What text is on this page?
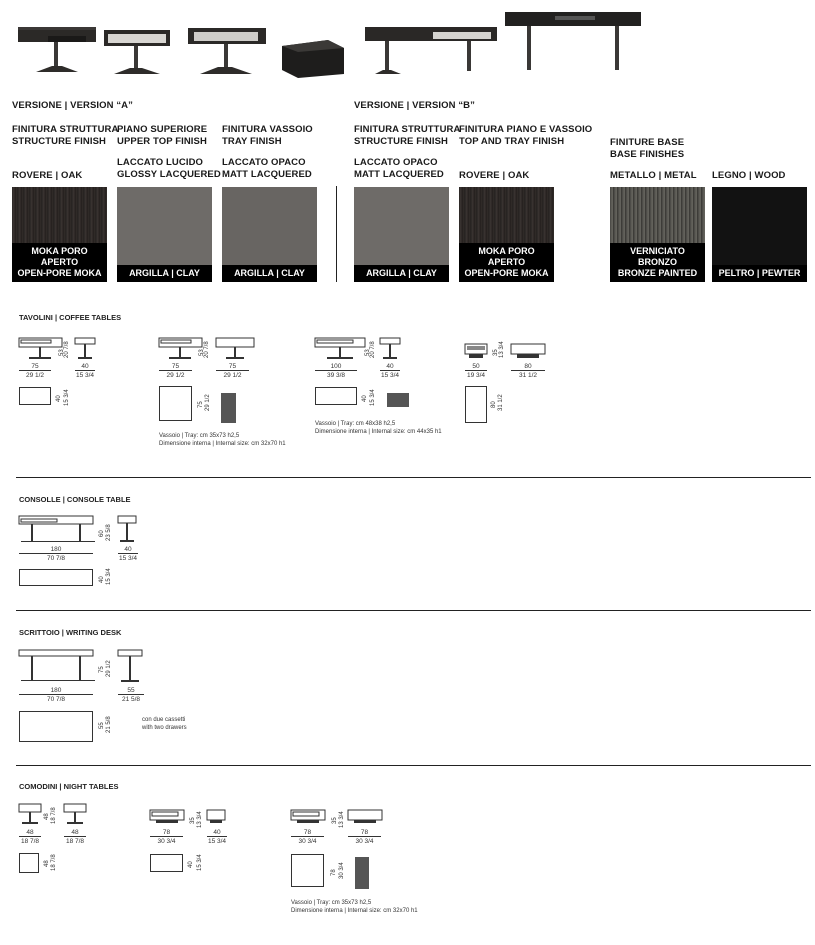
VERSIONE | VERSION “A”	VERSIONE | VERSION “B”
FINITURA STRUTTURA
STRUCTURE FINISH
PIANO SUPERIORE
UPPER TOP FINISH
FINITURA VASSOIO
TRAY FINISH
FINITURA STRUTTURA
STRUCTURE FINISH
FINITURA PIANO E VASSOIO
TOP AND TRAY FINISH	FINITURE BASE
BASE FINISHES
ROVERE | OAK
LACCATO LUCIDO
GLOSSY LACQUERED
LACCATO OPACO
MATT LACQUERED
LACCATO OPACO
MATT LACQUERED ROVERE | OAK	METALLO | METAL LEGNO | WOOD
MOKA PORO APERTO
OPEN-PORE MOKA	ARGILLA | CLAY	ARGILLA | CLAY	ARGILLA | CLAY
MOKA PORO APERTO
OPEN-PORE MOKA
VERNICIATO BRONZO
BRONZE PAINTED	PELTRO | PEWTER
TAVOLINI | COFFEE TABLES
75
29 1/2
40
15 3/4
53 20 7/8
40 15 3/4
75
29 1/2
75
29 1/2
53 20 7/8
75 29 1/2
Vassoio | Tray: cm 35x73 h2,5
Dimensione interna | Internal size: cm 32x70 h1
100
39 3/8
40
15 3/4
53 20 7/8
40 15 3/4
Vassoio | Tray: cm 48x38 h2,5
Dimensione interna | Internal size: cm 44x35 h1
50
19 3/4
80
31 1/2
35 13 3/4
80 31 1/2
CONSOLLE | CONSOLE TABLE
180
70 7/8
40
15 3/4
60 23 5/8
40 15 3/4
SCRITTOIO | WRITING DESK
180
70 7/8
55
21 5/8
75 29 1/2
55 21 5/8	con due cassetti
with two drawers
COMODINI | NIGHT TABLES
48
18 7/8
48
18 7/8
48 18 7/8
48 18 7/8
78
30 3/4
40
15 3/4
35 13 3/4
40 15 3/4
78
30 3/4
78
30 3/4
35 13 3/4
78 30 3/4
Vassoio | Tray: cm 35x73 h2,5
Dimensione interna | Internal size: cm 32x70 h1
